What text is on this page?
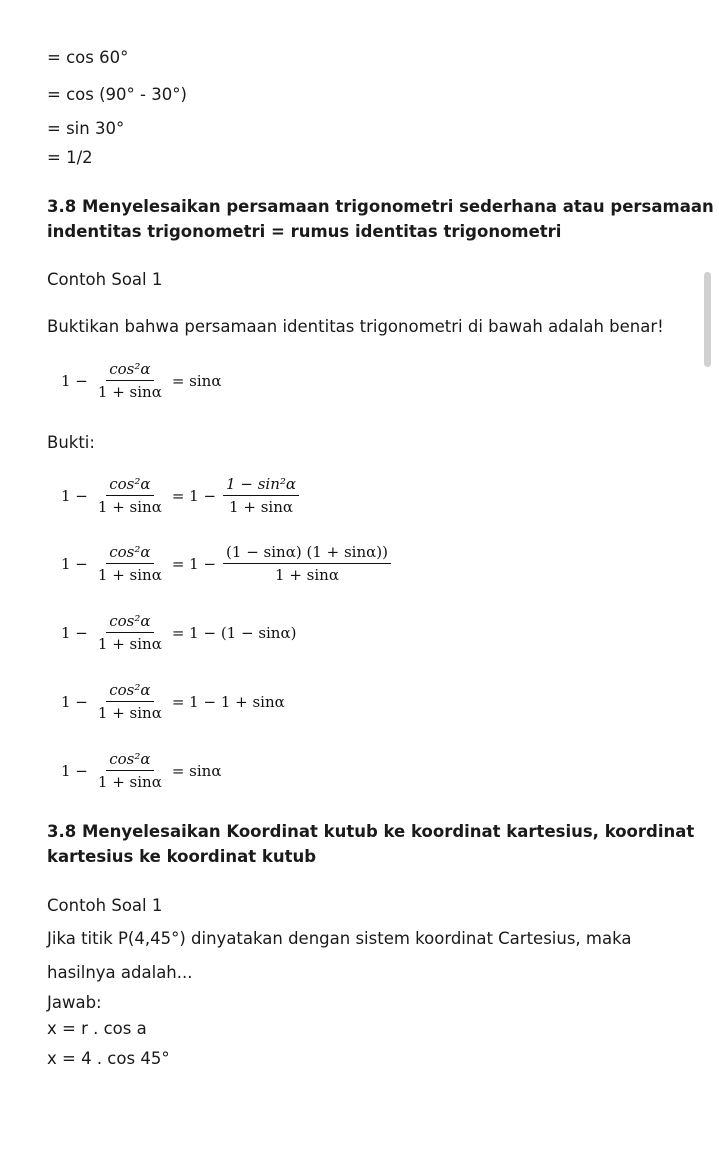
= cos 60°
= cos (90° - 30°)
= sin 30°
= 1/2
3.8 Menyelesaikan persamaan trigonometri sederhana atau persamaan
indentitas trigonometri = rumus identitas trigonometri
Contoh Soal 1
Buktikan bahwa persamaan identitas trigonometri di bawah adalah benar!
$1 - \frac{\text{cos²α}}{1 + \sin\alpha} = \sin\alpha$
Bukti:
$1 - \frac{\text{cos²α}}{1 + \sin\alpha} = 1 - \frac{\text{1 − sin²α}}{1 + \sin\alpha}$
$1 - \frac{\text{cos²α}}{1 + \sin\alpha} = 1 - \frac{(1 - \sin\alpha) (1 + \sin\alpha))}{1 + \sin\alpha}$
$1 - \frac{\text{cos²α}}{1 + \sin\alpha} = 1 - (1 - \sin\alpha)$
$1 - \frac{\text{cos²α}}{1 + \sin\alpha} = 1 - 1 + \sin\alpha$
$1 - \frac{\text{cos²α}}{1 + \sin\alpha} = \sin\alpha$
3.8 Menyelesaikan Koordinat kutub ke koordinat kartesius, koordinat
kartesius ke koordinat kutub
Contoh Soal 1
Jika titik P(4,45°) dinyatakan dengan sistem koordinat Cartesius, maka
hasilnya adalah...
Jawab:
x = r . cos a
x = 4 . cos 45°
